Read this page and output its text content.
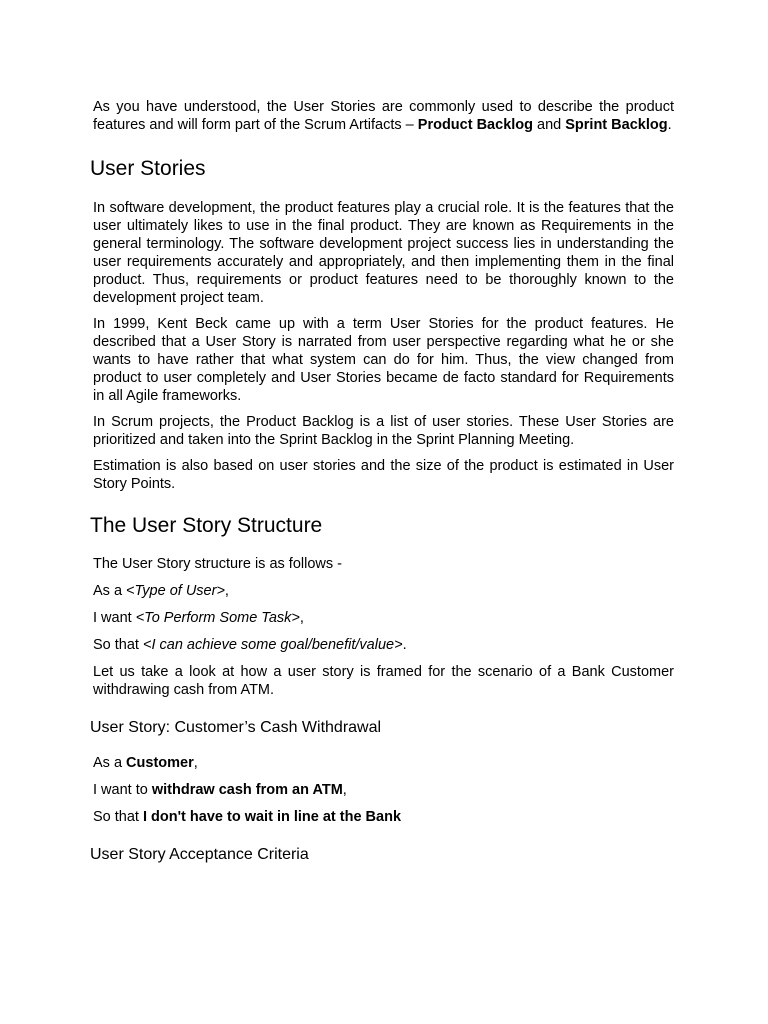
As you have understood, the User Stories are commonly used to describe the product features and will form part of the Scrum Artifacts – Product Backlog and Sprint Backlog.

User Stories

In software development, the product features play a crucial role. It is the features that the user ultimately likes to use in the final product. They are known as Requirements in the general terminology. The software development project success lies in understanding the user requirements accurately and appropriately, and then implementing them in the final product. Thus, requirements or product features need to be thoroughly known to the development project team.

In 1999, Kent Beck came up with a term User Stories for the product features. He described that a User Story is narrated from user perspective regarding what he or she wants to have rather that what system can do for him. Thus, the view changed from product to user completely and User Stories became de facto standard for Requirements in all Agile frameworks.

In Scrum projects, the Product Backlog is a list of user stories. These User Stories are prioritized and taken into the Sprint Backlog in the Sprint Planning Meeting.

Estimation is also based on user stories and the size of the product is estimated in User Story Points.

The User Story Structure

The User Story structure is as follows -

As a <Type of User>,

I want <To Perform Some Task>,

So that <I can achieve some goal/benefit/value>.

Let us take a look at how a user story is framed for the scenario of a Bank Customer withdrawing cash from ATM.

User Story: Customer’s Cash Withdrawal

As a Customer,

I want to withdraw cash from an ATM,

So that I don't have to wait in line at the Bank

User Story Acceptance Criteria
